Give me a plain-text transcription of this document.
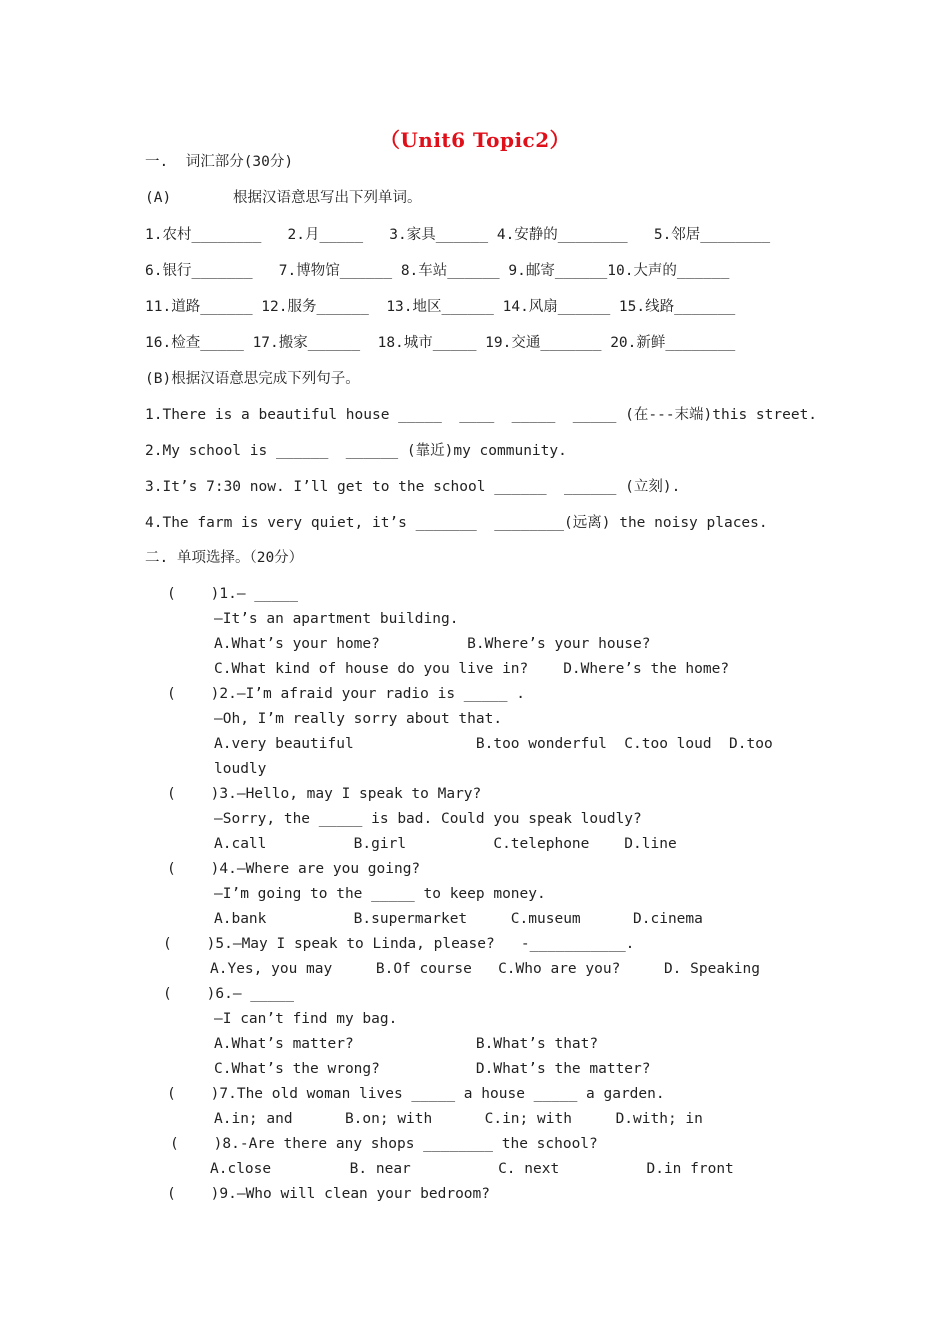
（Unit6 Topic2）
一.  词汇部分(30分)
(A)	根据汉语意思写出下列单词。
1.农村________   2.月_____   3.家具______ 4.安静的________   5.邻居________
6.银行_______   7.博物馆______ 8.车站______ 9.邮寄______10.大声的______
11.道路______ 12.服务______  13.地区______ 14.风扇______ 15.线路_______
16.检查_____ 17.搬家______  18.城市_____ 19.交通_______ 20.新鲜________
(B)根据汉语意思完成下列句子。
1.There is a beautiful house _____  ____  _____  _____ (在---末端)this street.
2.My school is ______  ______ (靠近)my community.
3.It’s 7:30 now. I’ll get to the school ______  ______ (立刻).
4.The farm is very quiet, it’s _______  ________(远离) the noisy places.
二. 单项选择。（20分）
(    )1.— _____
—It’s an apartment building.
A.What’s your home?          B.Where’s your house?
C.What kind of house do you live in?    D.Where’s the home?
(    )2.—I’m afraid your radio is _____ .
—Oh, I’m really sorry about that.
A.very beautiful              B.too wonderful  C.too loud  D.too
loudly
(    )3.—Hello, may I speak to Mary?
—Sorry, the _____ is bad. Could you speak loudly?
A.call          B.girl          C.telephone    D.line
(    )4.—Where are you going?
—I’m going to the _____ to keep money.
A.bank          B.supermarket     C.museum      D.cinema
(    )5.—May I speak to Linda, please?   -___________.
A.Yes, you may     B.Of course   C.Who are you?     D. Speaking
(    )6.— _____
—I can’t find my bag.
A.What’s matter?              B.What’s that?
C.What’s the wrong?           D.What’s the matter?
(    )7.The old woman lives _____ a house _____ a garden.
A.in; and      B.on; with      C.in; with     D.with; in
(    )8.-Are there any shops ________ the school?
A.close         B. near          C. next          D.in front
(    )9.—Who will clean your bedroom?
